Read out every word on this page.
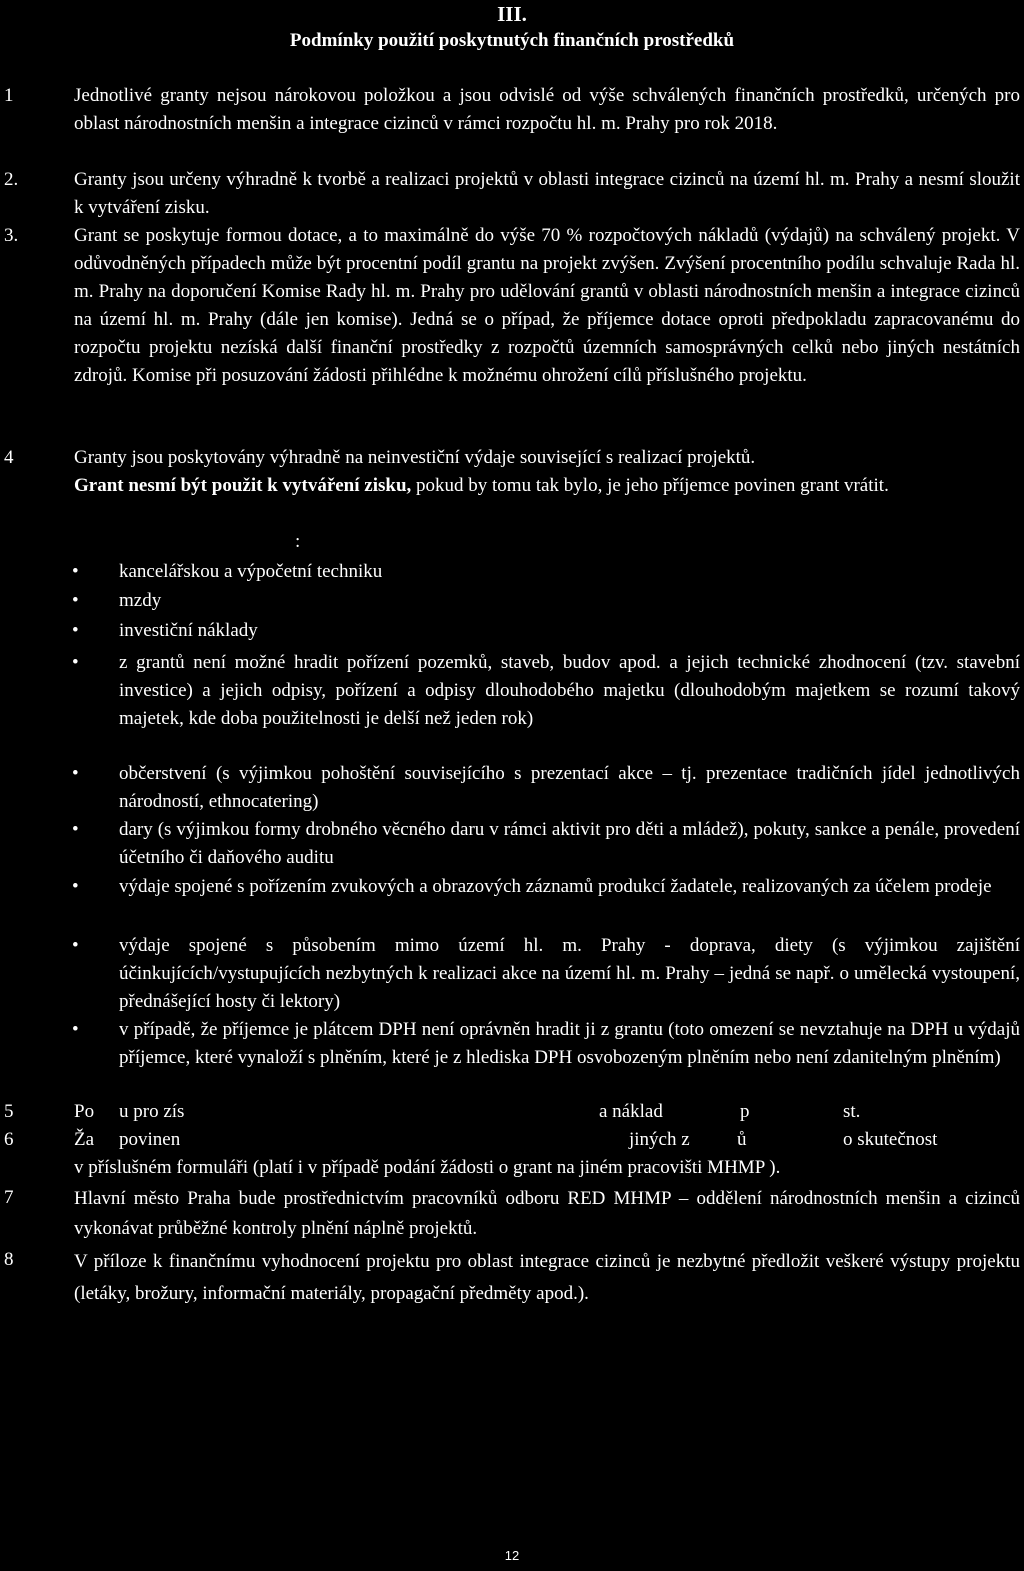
III.
Podmínky použití poskytnutých finančních prostředků
1	Jednotlivé granty nejsou nárokovou položkou a jsou odvislé od výše schválených finančních prostředků, určených pro oblast národnostních menšin a integrace cizinců v rámci rozpočtu hl. m. Prahy pro rok 2018.
2.	Granty jsou určeny výhradně k tvorbě a realizaci projektů v oblasti integrace cizinců na území hl. m. Prahy a nesmí sloužit k vytváření zisku.
3.	Grant se poskytuje formou dotace, a to maximálně do výše 70 % rozpočtových nákladů (výdajů) na schválený projekt. V odůvodněných případech může být procentní podíl grantu na projekt zvýšen. Zvýšení procentního podílu schvaluje Rada hl. m. Prahy na doporučení Komise Rady hl. m. Prahy pro udělování grantů v oblasti národnostních menšin a integrace cizinců na území hl. m. Prahy (dále jen komise). Jedná se o případ, že příjemce dotace oproti předpokladu zapracovanému do rozpočtu projektu nezíská další finanční prostředky z rozpočtů územních samosprávných celků nebo jiných nestátních zdrojů. Komise při posuzování žádosti přihlédne k možnému ohrožení cílů příslušného projektu.
4	Granty jsou poskytovány výhradně na neinvestiční výdaje související s realizací projektů.
Grant nesmí být použit k vytváření zisku, pokud by tomu tak bylo, je jeho příjemce povinen grant vrátit.
:
• kancelářskou a výpočetní techniku
• mzdy
• investiční náklady
• z grantů není možné hradit pořízení pozemků, staveb, budov apod. a jejich technické zhodnocení (tzv. stavební investice) a jejich odpisy, pořízení a odpisy dlouhodobého majetku (dlouhodobým majetkem se rozumí takový majetek, kde doba použitelnosti je delší než jeden rok)
• občerstvení (s výjimkou pohoštění souvisejícího s prezentací akce – tj. prezentace tradičních jídel jednotlivých národností, ethnocatering)
• dary (s výjimkou formy drobného věcného daru v rámci aktivit pro děti a mládež), pokuty, sankce a penále, provedení účetního či daňového auditu
• výdaje spojené s pořízením zvukových a obrazových záznamů produkcí žadatele, realizovaných za účelem prodeje
• výdaje spojené s působením mimo území hl. m. Prahy - doprava, diety (s výjimkou zajištění účinkujících/vystupujících nezbytných k realizaci akce na území hl. m. Prahy – jedná se např. o umělecká vystoupení, přednášející hosty či lektory)
• v případě, že příjemce je plátcem DPH není oprávněn hradit ji z grantu (toto omezení se nevztahuje na DPH u výdajů příjemce, které vynaloží s plněním, které je z hlediska DPH osvobozeným plněním nebo není zdanitelným plněním)
5	Po u pro zís	a náklad	p	st.
6	Ža povinen	jiných z ů	o skutečnost
v příslušném formuláři (platí i v případě podání žádosti o grant na jiném pracovišti MHMP ).
7	Hlavní město Praha bude prostřednictvím pracovníků odboru RED MHMP – oddělení národnostních menšin a cizinců vykonávat průběžné kontroly plnění náplně projektů.
8	V příloze k finančnímu vyhodnocení projektu pro oblast integrace cizinců je nezbytné předložit veškeré výstupy projektu (letáky, brožury, informační materiály, propagační předměty apod.).
12
